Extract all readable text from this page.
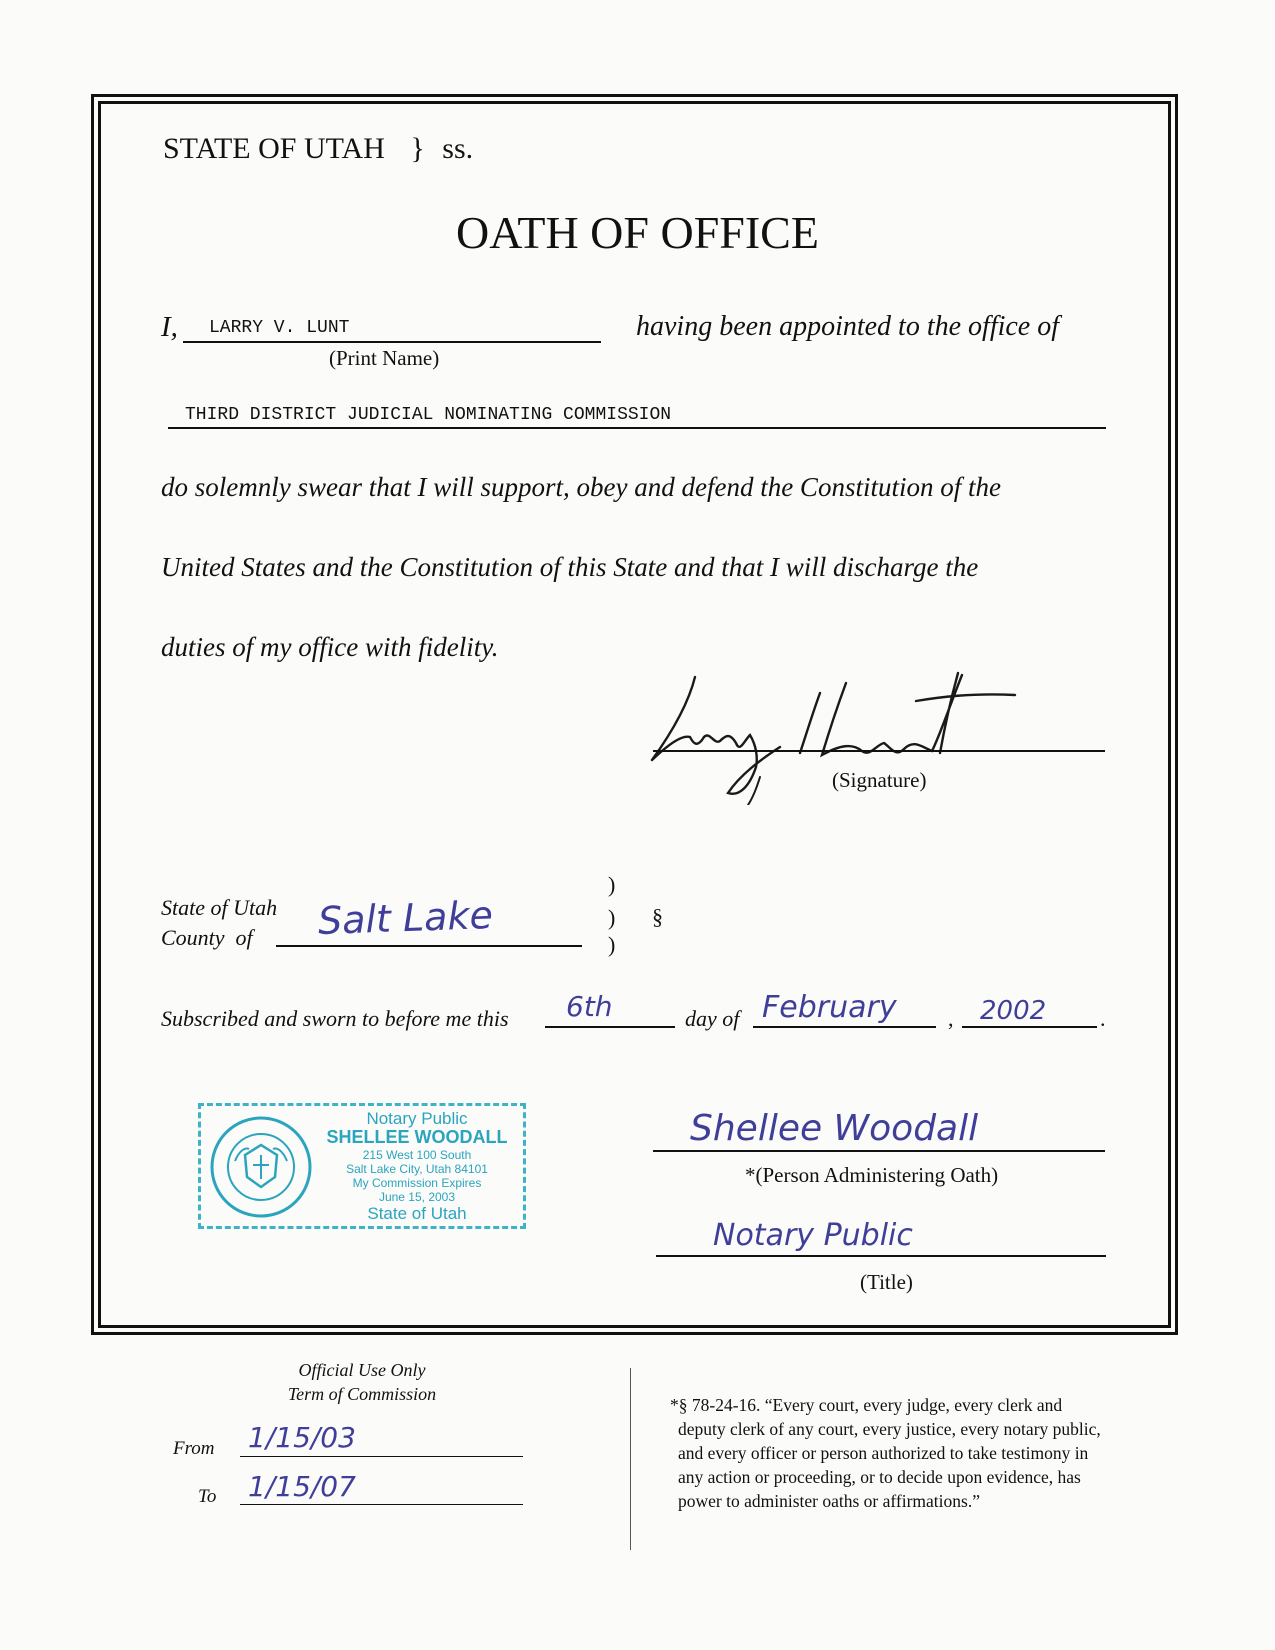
STATE OF UTAH } ss.
OATH OF OFFICE
I, LARRY V. LUNT
(Print Name)
having been appointed to the office of
THIRD DISTRICT JUDICIAL NOMINATING COMMISSION
do solemnly swear that I will support, obey and defend the Constitution of the
United States and the Constitution of this State and that I will discharge the
duties of my office with fidelity.
(Signature)
State of Utah
County  of Salt Lake
)
)
)
§
Subscribed and sworn to before me this 6th	day of February , 2002 .
Notary Public
SHELLEE WOODALL
215 West 100 South
Salt Lake City, Utah 84101
My Commission Expires
June 15, 2003
State of Utah
Shellee Woodall
*(Person Administering Oath)
Notary Public
(Title)
Official Use Only
Term of Commission
From 1/15/03
To 1/15/07
*§ 78-24-16. “Every court, every judge, every clerk and
deputy clerk of any court, every justice, every notary public,
and every officer or person authorized to take testimony in
any action or proceeding, or to decide upon evidence, has
power to administer oaths or affirmations.”
